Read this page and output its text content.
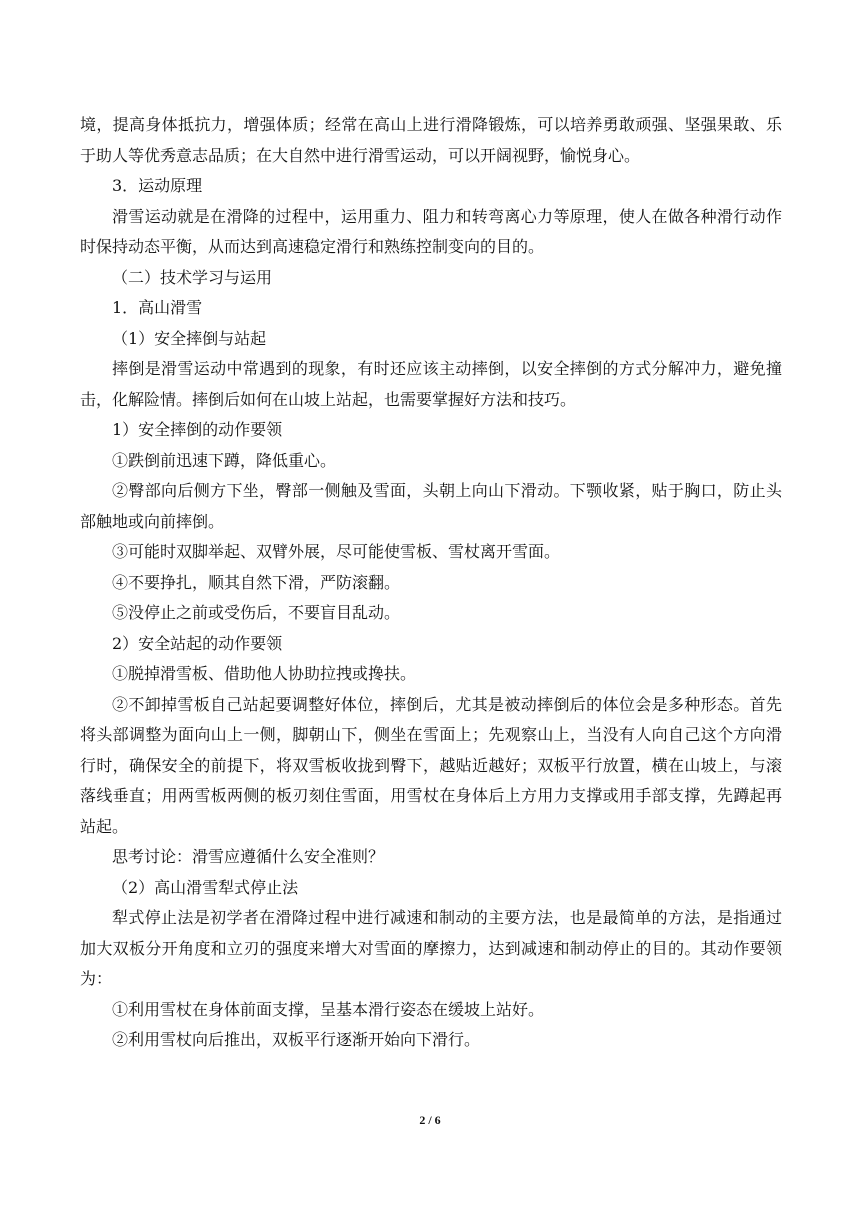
境，提高身体抵抗力，增强体质；经常在高山上进行滑降锻炼，可以培养勇敢顽强、坚强果敢、乐于助人等优秀意志品质；在大自然中进行滑雪运动，可以开阔视野，愉悦身心。

3．运动原理

滑雪运动就是在滑降的过程中，运用重力、阻力和转弯离心力等原理，使人在做各种滑行动作时保持动态平衡，从而达到高速稳定滑行和熟练控制变向的目的。

（二）技术学习与运用

1．高山滑雪

（1）安全摔倒与站起

摔倒是滑雪运动中常遇到的现象，有时还应该主动摔倒，以安全摔倒的方式分解冲力，避免撞击，化解险情。摔倒后如何在山坡上站起，也需要掌握好方法和技巧。

1）安全摔倒的动作要领

①跌倒前迅速下蹲，降低重心。

②臀部向后侧方下坐，臀部一侧触及雪面，头朝上向山下滑动。下颚收紧，贴于胸口，防止头部触地或向前摔倒。

③可能时双脚举起、双臂外展，尽可能使雪板、雪杖离开雪面。

④不要挣扎，顺其自然下滑，严防滚翻。

⑤没停止之前或受伤后，不要盲目乱动。

2）安全站起的动作要领

①脱掉滑雪板、借助他人协助拉拽或搀扶。

②不卸掉雪板自己站起要调整好体位，摔倒后，尤其是被动摔倒后的体位会是多种形态。首先将头部调整为面向山上一侧，脚朝山下，侧坐在雪面上；先观察山上，当没有人向自己这个方向滑行时，确保安全的前提下，将双雪板收拢到臀下，越贴近越好；双板平行放置，横在山坡上，与滚落线垂直；用两雪板两侧的板刃刻住雪面，用雪杖在身体后上方用力支撑或用手部支撑，先蹲起再站起。

思考讨论：滑雪应遵循什么安全准则？

（2）高山滑雪犁式停止法

犁式停止法是初学者在滑降过程中进行减速和制动的主要方法，也是最简单的方法，是指通过加大双板分开角度和立刃的强度来增大对雪面的摩擦力，达到减速和制动停止的目的。其动作要领为：

①利用雪杖在身体前面支撑，呈基本滑行姿态在缓坡上站好。

②利用雪杖向后推出，双板平行逐渐开始向下滑行。

2 / 6
